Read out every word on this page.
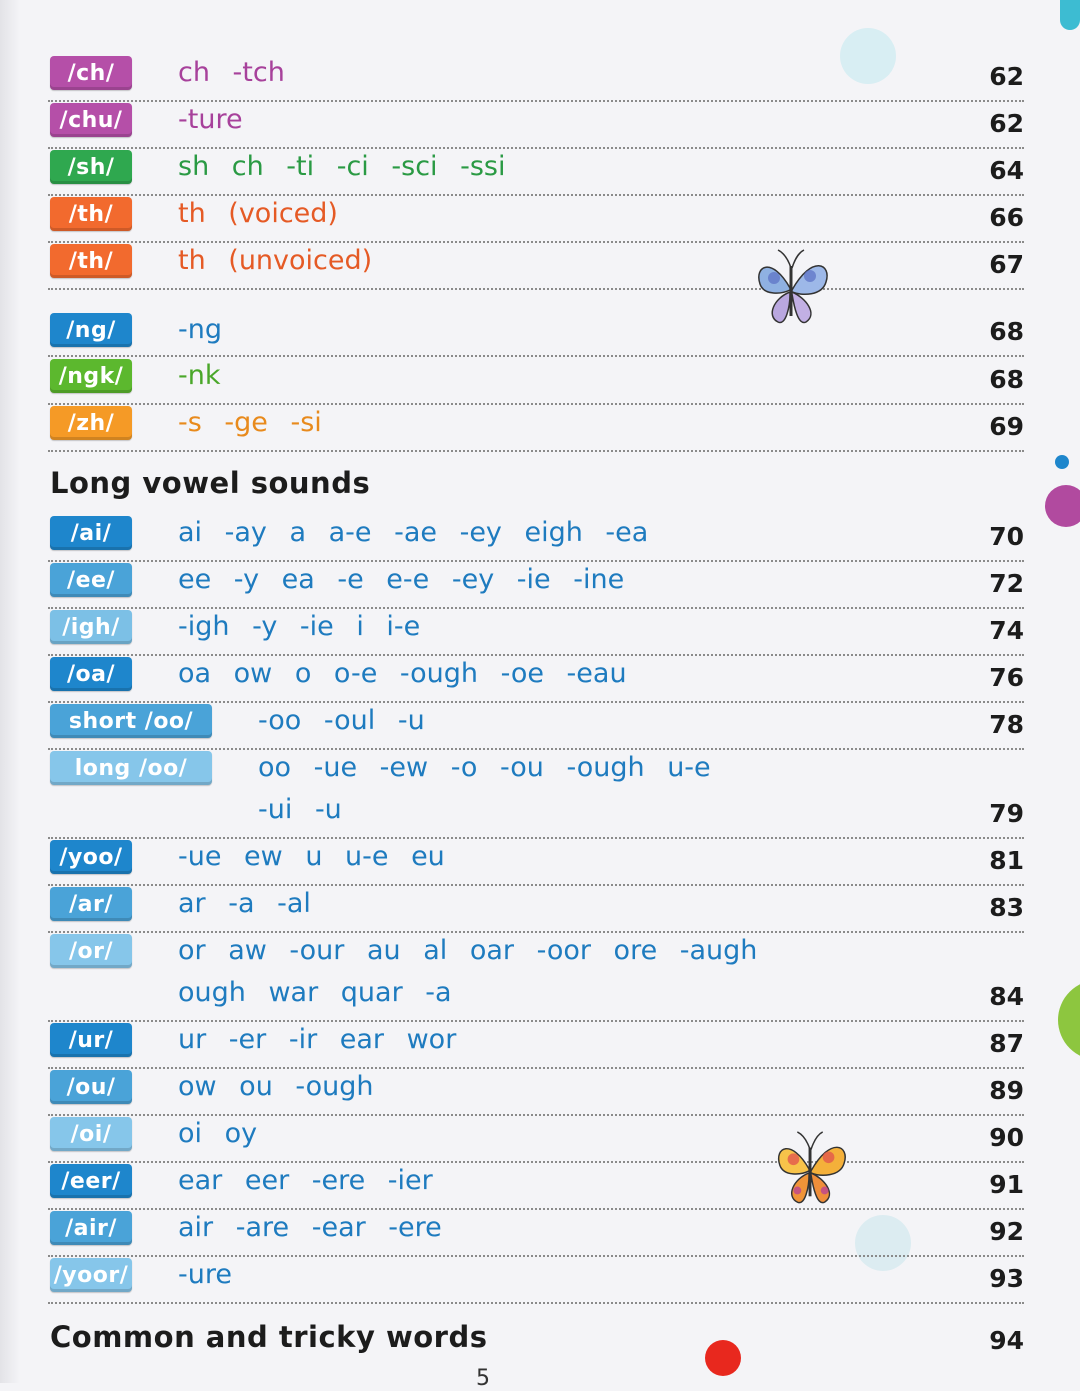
/ch/	ch -tch	62
/chu/	-ture	62
/sh/	sh ch -ti -ci -sci -ssi	64
/th/	th (voiced)	66
/th/	th (unvoiced)	67
/ng/	-ng	68
/ngk/	-nk	68
/zh/	-s -ge -si	69
Long vowel sounds
/ai/	ai -ay a a-e -ae -ey eigh -ea	70
/ee/	ee -y ea -e e-e -ey -ie -ine	72
/igh/	-igh -y -ie i i-e	74
/oa/	oa ow o o-e -ough -oe -eau	76
short /oo/	-oo -oul -u	78
long /oo/	oo -ue -ew -o -ou -ough u-e
-ui -u	79
/yoo/	-ue ew u u-e eu	81
/ar/	ar -a -al	83
/or/	or aw -our au al oar -oor ore -augh
ough war quar -a	84
/ur/	ur -er -ir ear wor	87
/ou/	ow ou -ough	89
/oi/	oi oy	90
/eer/	ear eer -ere -ier	91
/air/	air -are -ear -ere	92
/yoor/ -ure	93
Common and tricky words	94
5
